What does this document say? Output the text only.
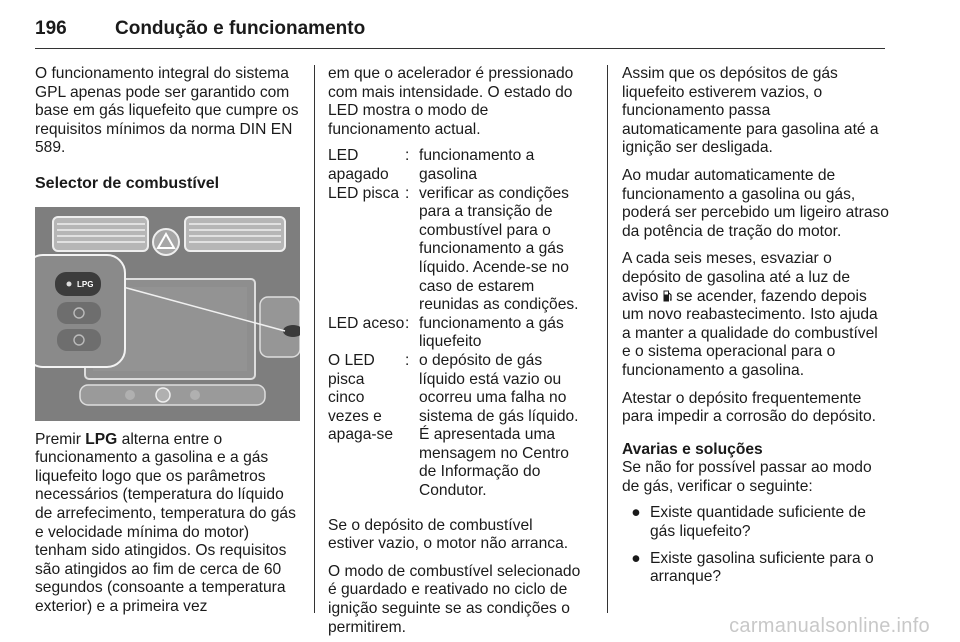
196	Condução e funcionamento

O funcionamento integral do sistema GPL apenas pode ser garantido com base em gás liquefeito que cumpre os requisitos mínimos da norma DIN EN 589.

Selector de combustível

LPG

Premir LPG alterna entre o funcionamento a gasolina e a gás liquefeito logo que os parâmetros necessários (temperatura do líquido de arrefecimento, temperatura do gás e velocidade mínima do motor) tenham sido atingidos. Os requisitos são atingidos ao fim de cerca de 60 segundos (consoante a temperatura exterior) e a primeira vez

em que o acelerador é pressionado com mais intensidade. O estado do LED mostra o modo de funcionamento actual.

LED apagado
: funcionamento a gasolina
LED pisca : verificar as condições para a transição de combustível para o funcionamento a gás líquido. Acende-se no caso de estarem reunidas as condições.
LED aceso : funcionamento a gás liquefeito
O LED pisca cinco vezes e apaga-se
: o depósito de gás líquido está vazio ou ocorreu uma falha no sistema de gás líquido. É apresentada uma mensagem no Centro de Informação do Condutor.

Se o depósito de combustível estiver vazio, o motor não arranca.

O modo de combustível selecionado é guardado e reativado no ciclo de ignição seguinte se as condições o permitirem.

Assim que os depósitos de gás liquefeito estiverem vazios, o funcionamento passa automaticamente para gasolina até a ignição ser desligada.

Ao mudar automaticamente de funcionamento a gasolina ou gás, poderá ser percebido um ligeiro atraso da potência de tração do motor.

A cada seis meses, esvaziar o depósito de gasolina até a luz de aviso  se acender, fazendo depois um novo reabastecimento. Isto ajuda a manter a qualidade do combustível e o sistema operacional para o funcionamento a gasolina.

Atestar o depósito frequentemente para impedir a corrosão do depósito.

Avarias e soluções

Se não for possível passar ao modo de gás, verificar o seguinte:

● Existe quantidade suficiente de gás liquefeito?
● Existe gasolina suficiente para o arranque?
carmanualsonline.info
